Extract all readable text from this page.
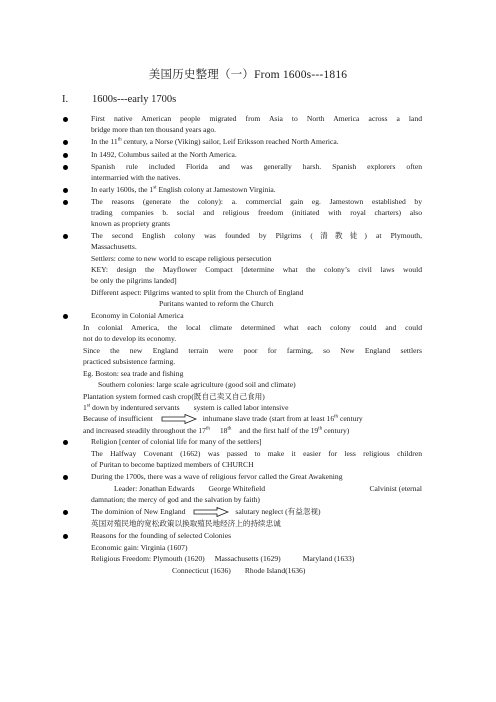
美国历史整理（一）From 1600s---1816
I. 1600s---early 1700s
First native American people migrated from Asia to North America across a land
bridge more than ten thousand years ago.
In the 11th century, a Norse (Viking) sailor, Leif Eriksson reached North America.
In 1492, Columbus sailed at the North America.
Spanish rule included Florida and was generally harsh. Spanish explorers often
intermarried with the natives.
In early 1600s, the 1st English colony at Jamestown Virginia.
The reasons (generate the colony): a. commercial gain eg. Jamestown established by
trading companies b. social and religious freedom (initiated with royal charters) also
known as propriety grants
The second English colony was founded by Pilgrims (清教徒) at Plymouth,
Massachusetts.
Settlers: come to new world to escape religious persecution
KEY: design the Mayflower Compact [determine what the colony’s civil laws would
be only the pilgrims landed]
Different aspect: Pilgrims wanted to split from the Church of England
Puritans wanted to reform the Church
Economy in Colonial America
In colonial America, the local climate determined what each colony could and could
not do to develop its economy.
Since the new England terrain were poor for farming, so New England settlers
practiced subsistence farming.
Eg. Boston: sea trade and fishing
Southern colonies: large scale agriculture (good soil and climate)
Plantation system formed cash crop(既自己卖又自己食用)
1st down by indentured servants system is called labor intensive
Because of insufficient	inhumane slave trade (start from at least 16th century
and increased steadily throughout the 17th 18th and the first half of the 19th century)
Religion [center of colonial life for many of the settlers]
The Halfway Covenant (1662) was passed to make it easier for less religious children
of Puritan to become baptized members of CHURCH
During the 1700s, there was a wave of religious fervor called the Great Awakening
Leader: Jonathan Edwards George Whitefield	Calvinist (eternal
damnation; the mercy of god and the salvation by faith)
The dominion of New England	salutary neglect (有益忽视)
英国对殖民地的宽松政策以换取殖民地经济上的持续忠诚
Reasons for the founding of selected Colonies
Economic gain: Virginia (1607)
Religious Freedom: Plymouth (1620) Massachusetts (1629)	Maryland (1633)
Connecticut (1636) Rhode Island(1636)
